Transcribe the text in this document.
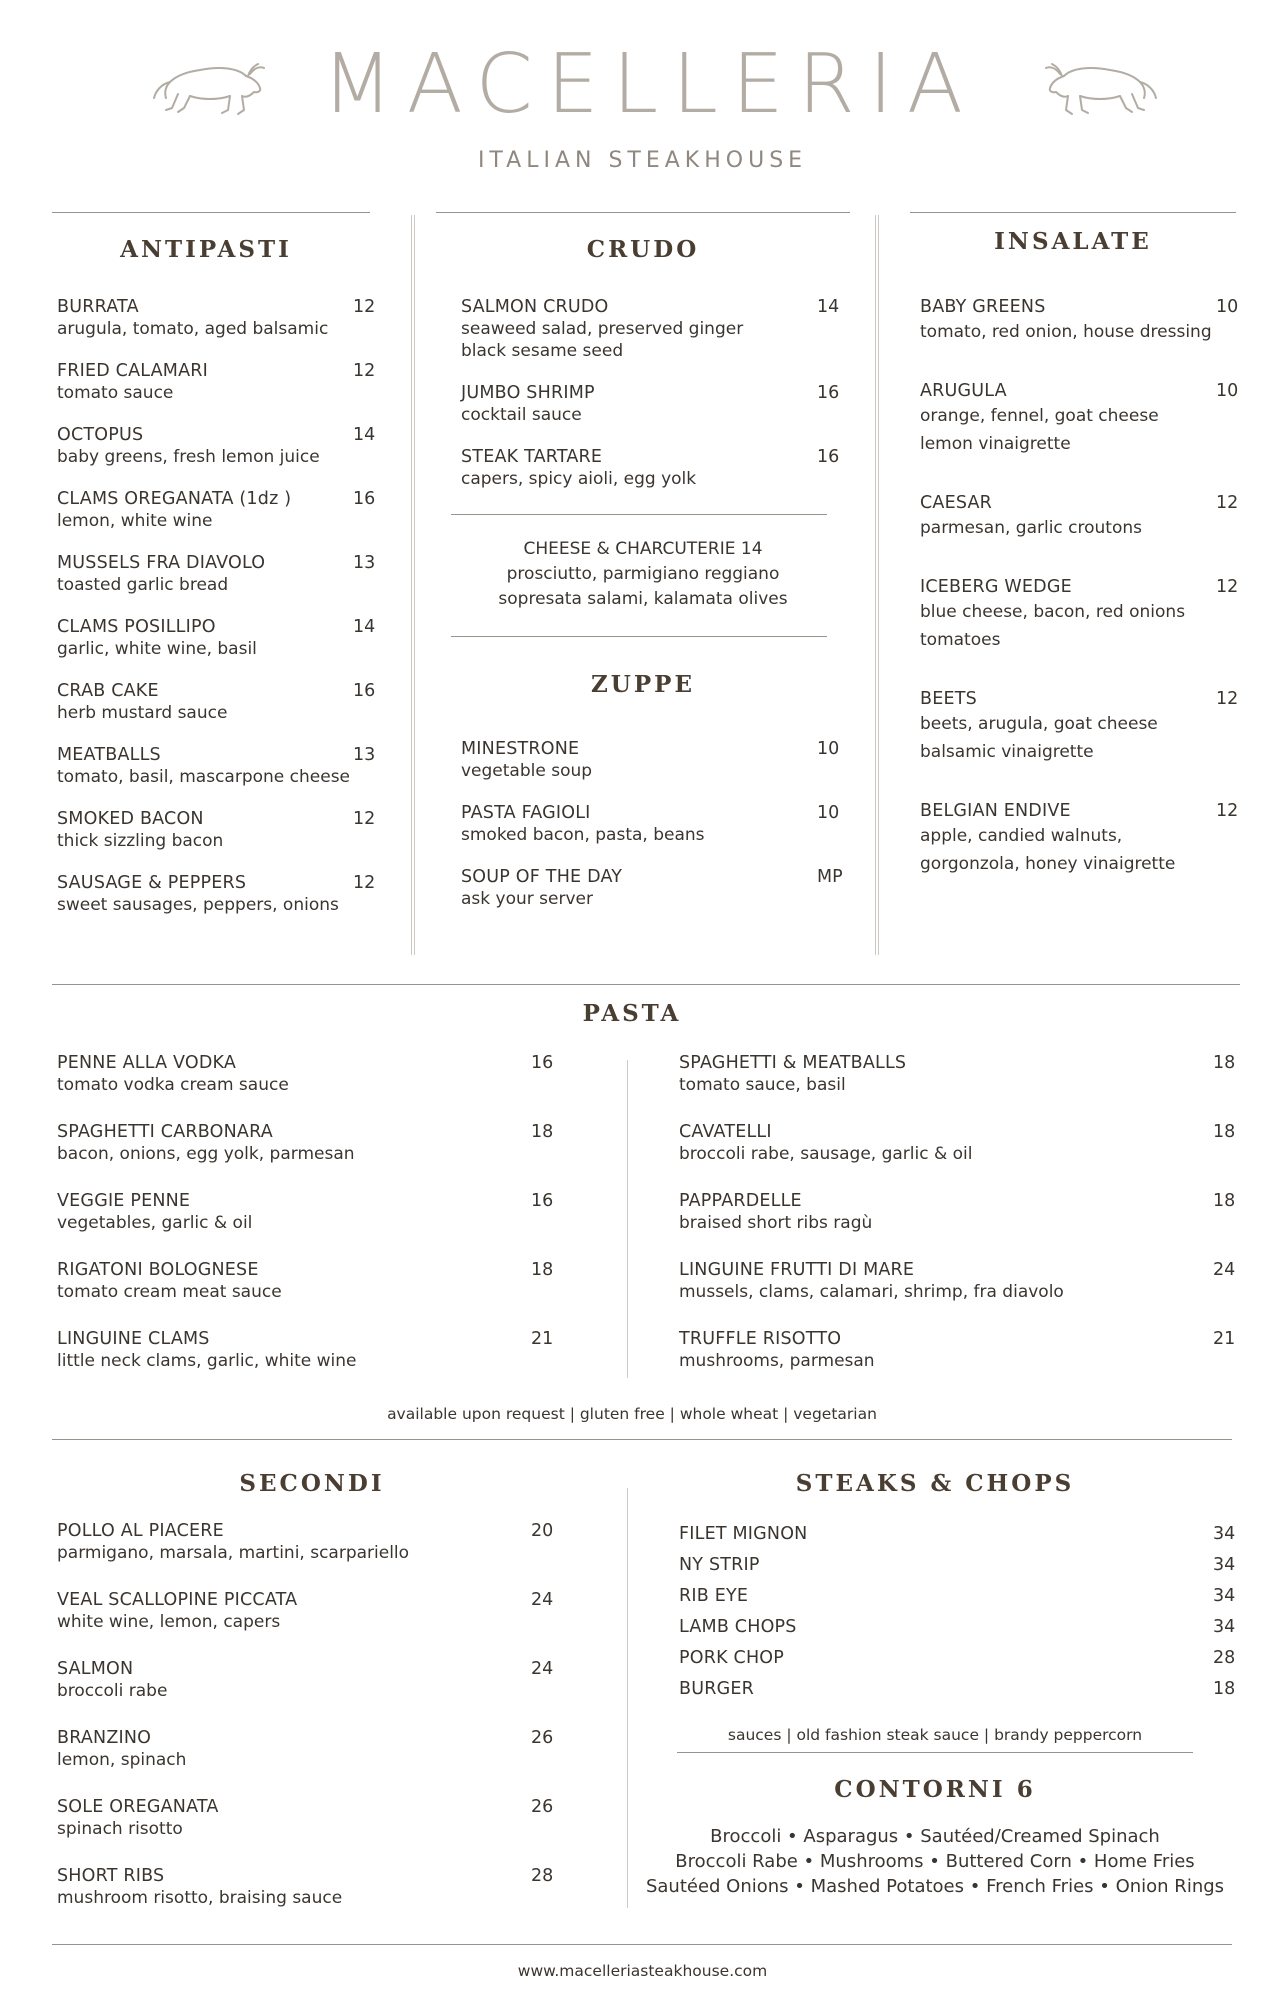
MACELLERIA
ITALIAN STEAKHOUSE
ANTIPASTI
BURRATA
arugula, tomato, aged balsamic
12
FRIED CALAMARI
tomato sauce
12
OCTOPUS
baby greens, fresh lemon juice
14
CLAMS OREGANATA (1dz )
lemon, white wine
16
MUSSELS FRA DIAVOLO
toasted garlic bread
13
CLAMS POSILLIPO
garlic, white wine, basil
14
CRAB CAKE
herb mustard sauce
16
MEATBALLS
tomato, basil, mascarpone cheese
13
SMOKED BACON
thick sizzling bacon
12
SAUSAGE & PEPPERS
sweet sausages, peppers, onions
12
CRUDO
SALMON CRUDO
seaweed salad, preserved ginger
black sesame seed
14
JUMBO SHRIMP
cocktail sauce
16
STEAK TARTARE
capers, spicy aioli, egg yolk
16
CHEESE & CHARCUTERIE 14
prosciutto, parmigiano reggiano
sopresata salami, kalamata olives
ZUPPE
MINESTRONE
vegetable soup
10
PASTA FAGIOLI
smoked bacon, pasta, beans
10
SOUP OF THE DAY
ask your server
MP
INSALATE
BABY GREENS
tomato, red onion, house dressing
10
ARUGULA
orange, fennel, goat cheese
lemon vinaigrette
10
CAESAR
parmesan, garlic croutons
12
ICEBERG WEDGE
blue cheese, bacon, red onions
tomatoes
12
BEETS
beets, arugula, goat cheese
balsamic vinaigrette
12
BELGIAN ENDIVE
apple, candied walnuts,
gorgonzola, honey vinaigrette
12
PASTA
PENNE ALLA VODKA
tomato vodka cream sauce
16
SPAGHETTI CARBONARA
bacon, onions, egg yolk, parmesan
18
VEGGIE PENNE
vegetables, garlic & oil
16
RIGATONI BOLOGNESE
tomato cream meat sauce
18
LINGUINE CLAMS
little neck clams, garlic, white wine
21
SPAGHETTI & MEATBALLS
tomato sauce, basil
18
CAVATELLI
broccoli rabe, sausage, garlic & oil
18
PAPPARDELLE
braised short ribs ragù
18
LINGUINE FRUTTI DI MARE
mussels, clams, calamari, shrimp, fra diavolo
24
TRUFFLE RISOTTO
mushrooms, parmesan
21
available upon request | gluten free | whole wheat | vegetarian
SECONDI
POLLO AL PIACERE
parmigano, marsala, martini, scarpariello
20
VEAL SCALLOPINE PICCATA
white wine, lemon, capers
24
SALMON
broccoli rabe
24
BRANZINO
lemon, spinach
26
SOLE OREGANATA
spinach risotto
26
SHORT RIBS
mushroom risotto, braising sauce
28
STEAKS & CHOPS
FILET MIGNON	34
NY STRIP	34
RIB EYE	34
LAMB CHOPS	34
PORK CHOP	28
BURGER	18
sauces | old fashion steak sauce | brandy peppercorn
CONTORNI 6
Broccoli • Asparagus • Sautéed/Creamed Spinach
Broccoli Rabe • Mushrooms • Buttered Corn • Home Fries
Sautéed Onions • Mashed Potatoes • French Fries • Onion Rings
www.macelleriasteakhouse.com
